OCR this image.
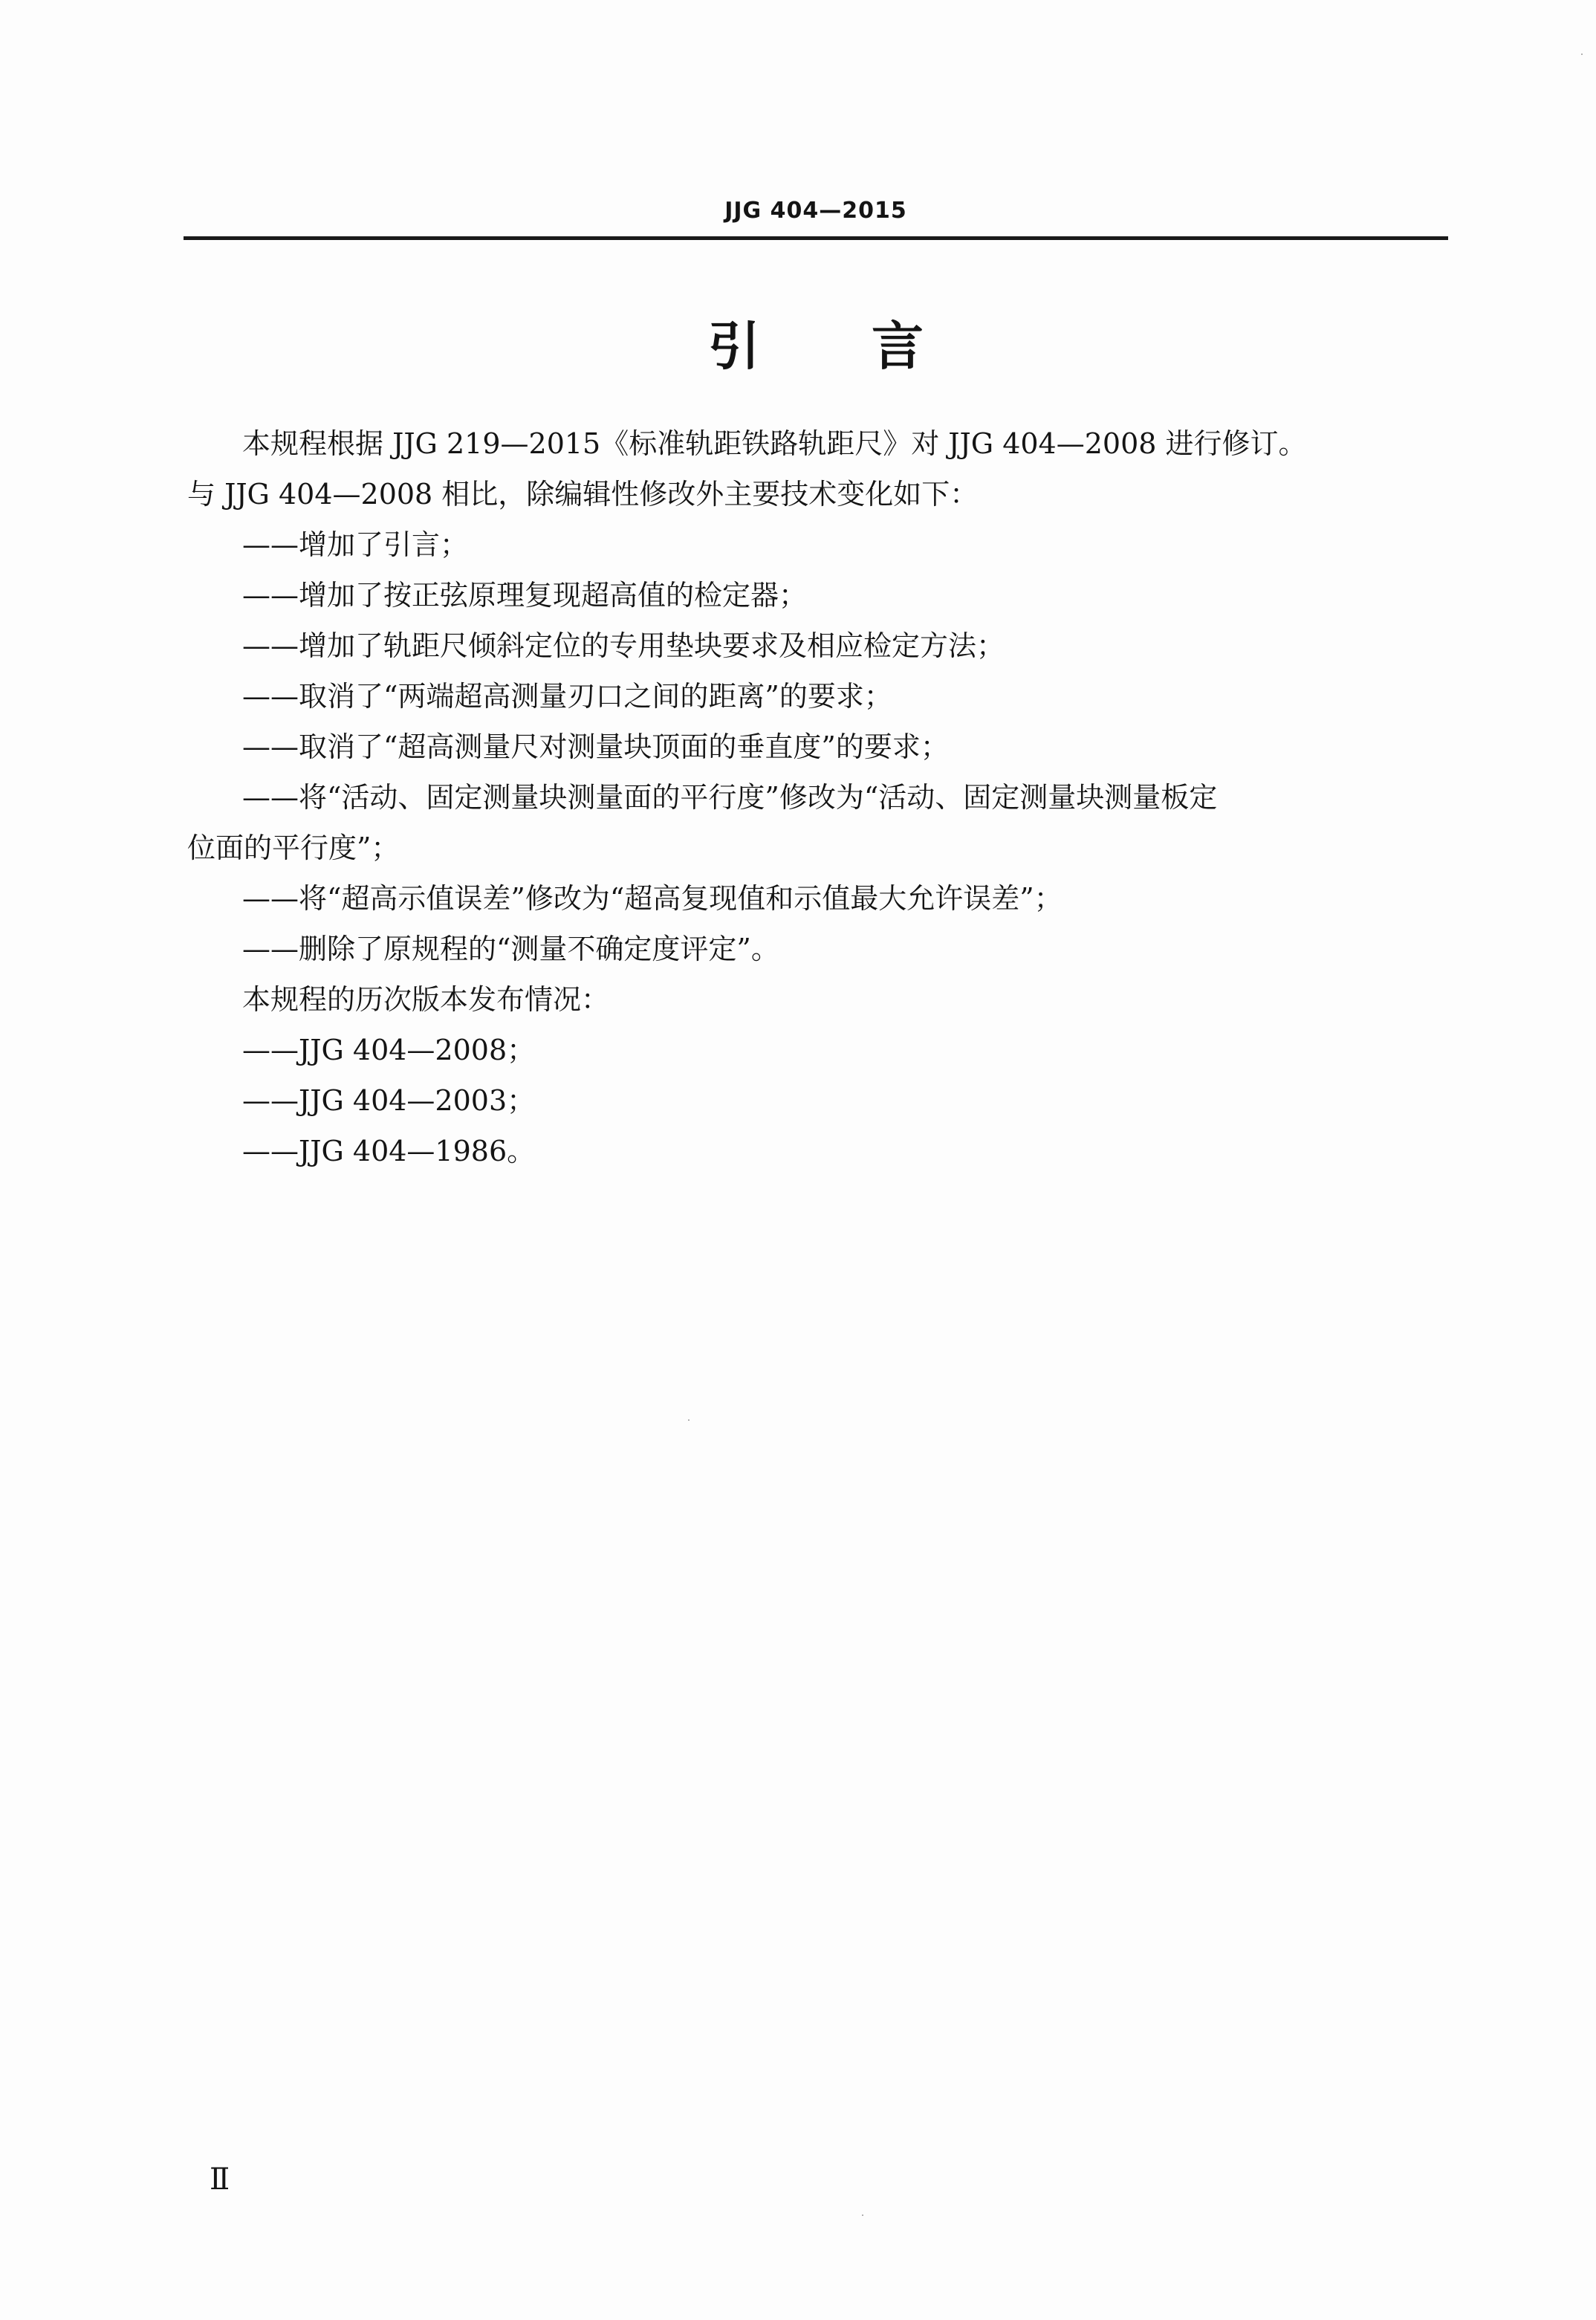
JJG 404—2015
引言
本规程根据 JJG 219—2015《标准轨距铁路轨距尺》对 JJG 404—2008 进行修订。
与 JJG 404—2008 相比，除编辑性修改外主要技术变化如下：
——增加了引言；
——增加了按正弦原理复现超高值的检定器；
——增加了轨距尺倾斜定位的专用垫块要求及相应检定方法；
——取消了“两端超高测量刃口之间的距离”的要求；
——取消了“超高测量尺对测量块顶面的垂直度”的要求；
——将“活动、固定测量块测量面的平行度”修改为“活动、固定测量块测量板定
位面的平行度”；
——将“超高示值误差”修改为“超高复现值和示值最大允许误差”；
——删除了原规程的“测量不确定度评定”。
本规程的历次版本发布情况：
——JJG 404—2008；
——JJG 404—2003；
——JJG 404—1986。
Ⅱ
